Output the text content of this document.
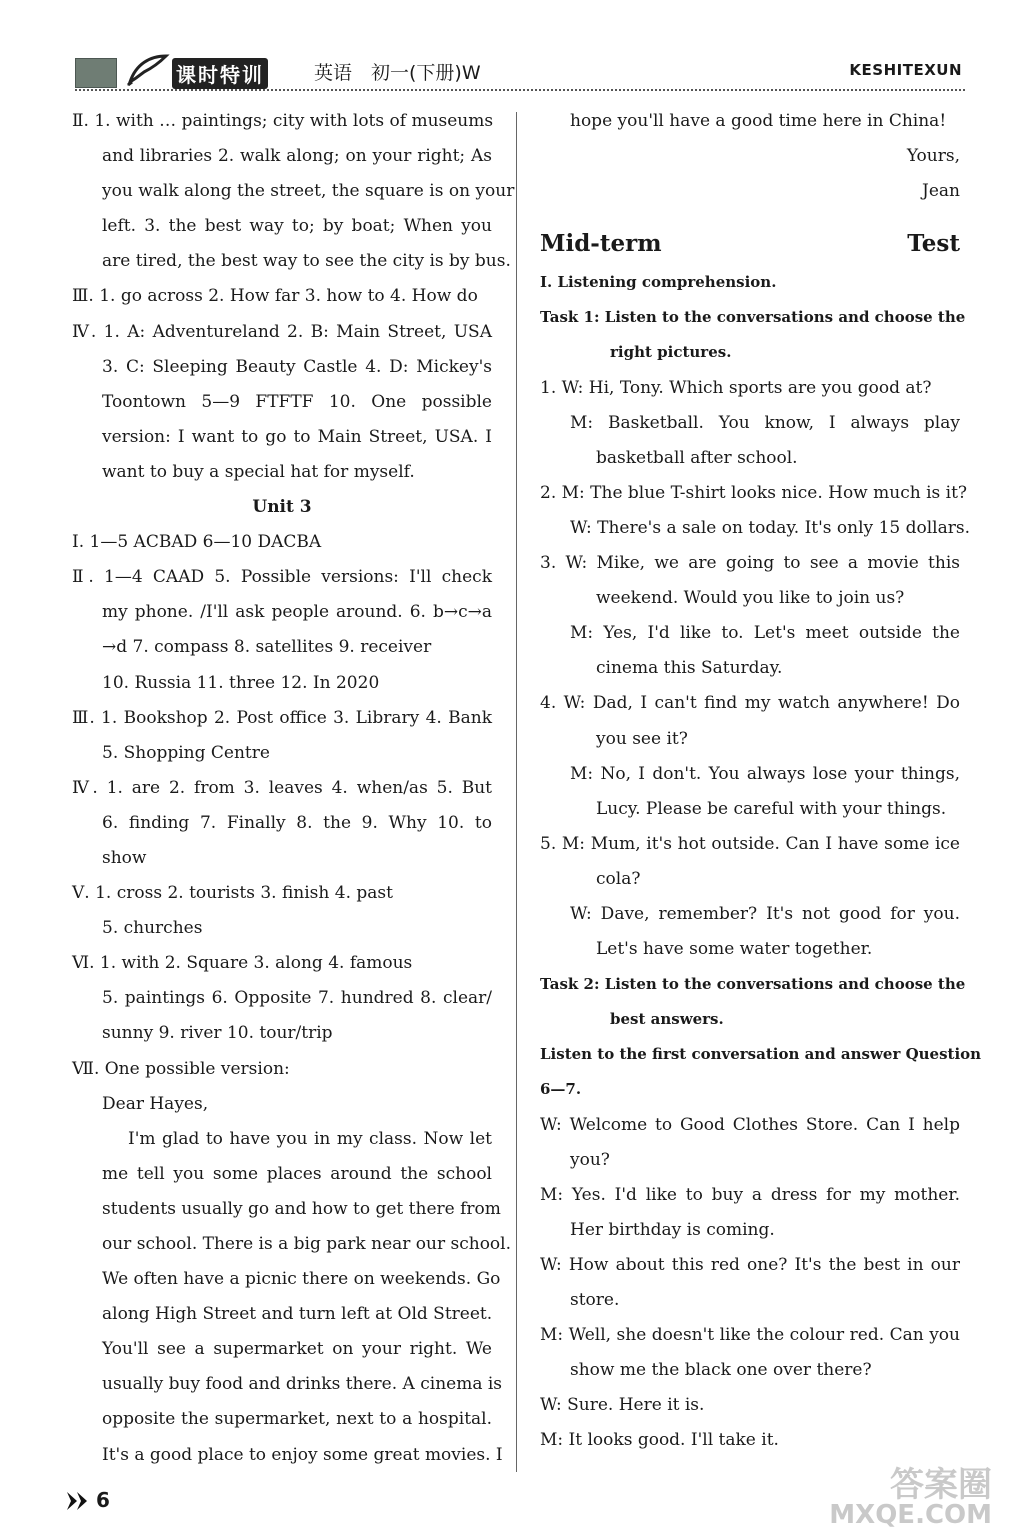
课时特训	英语　初一(下册)W	KESHITEXUN
Ⅱ. 1. with … paintings; city with lots of museums
and libraries 2. walk along; on your right; As
you walk along the street, the square is on your
left. 3. the best way to; by boat; When you
are tired, the best way to see the city is by bus.
Ⅲ. 1. go across 2. How far 3. how to 4. How do
Ⅳ. 1. A: Adventureland 2. B: Main Street, USA
3. C: Sleeping Beauty Castle 4. D: Mickey's
Toontown 5—9 FTFTF 10. One possible
version: I want to go to Main Street, USA. I
want to buy a special hat for myself.
Unit 3
Ⅰ. 1—5 ACBAD 6—10 DACBA
Ⅱ. 1—4 CAAD 5. Possible versions: I'll check
my phone. /I'll ask people around. 6. b→c→a
→d 7. compass 8. satellites 9. receiver
10. Russia 11. three 12. In 2020
Ⅲ. 1. Bookshop 2. Post office 3. Library 4. Bank
5. Shopping Centre
Ⅳ. 1. are 2. from 3. leaves 4. when/as 5. But
6. finding 7. Finally 8. the 9. Why 10. to
show
Ⅴ. 1. cross 2. tourists 3. finish 4. past
5. churches
Ⅵ. 1. with 2. Square 3. along 4. famous
5. paintings 6. Opposite 7. hundred 8. clear/
sunny 9. river 10. tour/trip
Ⅶ. One possible version:
Dear Hayes,
I'm glad to have you in my class. Now let
me tell you some places around the school
students usually go and how to get there from
our school. There is a big park near our school.
We often have a picnic there on weekends. Go
along High Street and turn left at Old Street.
You'll see a supermarket on your right. We
usually buy food and drinks there. A cinema is
opposite the supermarket, next to a hospital.
It's a good place to enjoy some great movies. I
hope you'll have a good time here in China!
Yours,
Jean
Mid-term Test
Ⅰ. Listening comprehension.
Task 1: Listen to the conversations and choose the
right pictures.
1. W: Hi, Tony. Which sports are you good at?
M: Basketball. You know, I always play
basketball after school.
2. M: The blue T-shirt looks nice. How much is it?
W: There's a sale on today. It's only 15 dollars.
3. W: Mike, we are going to see a movie this
weekend. Would you like to join us?
M: Yes, I'd like to. Let's meet outside the
cinema this Saturday.
4. W: Dad, I can't find my watch anywhere! Do
you see it?
M: No, I don't. You always lose your things,
Lucy. Please be careful with your things.
5. M: Mum, it's hot outside. Can I have some ice
cola?
W: Dave, remember? It's not good for you.
Let's have some water together.
Task 2: Listen to the conversations and choose the
best answers.
Listen to the first conversation and answer Question
6—7.
W: Welcome to Good Clothes Store. Can I help
you?
M: Yes. I'd like to buy a dress for my mother.
Her birthday is coming.
W: How about this red one? It's the best in our
store.
M: Well, she doesn't like the colour red. Can you
show me the black one over there?
W: Sure. Here it is.
M: It looks good. I'll take it.
6	答案圈
MXQE.COM
